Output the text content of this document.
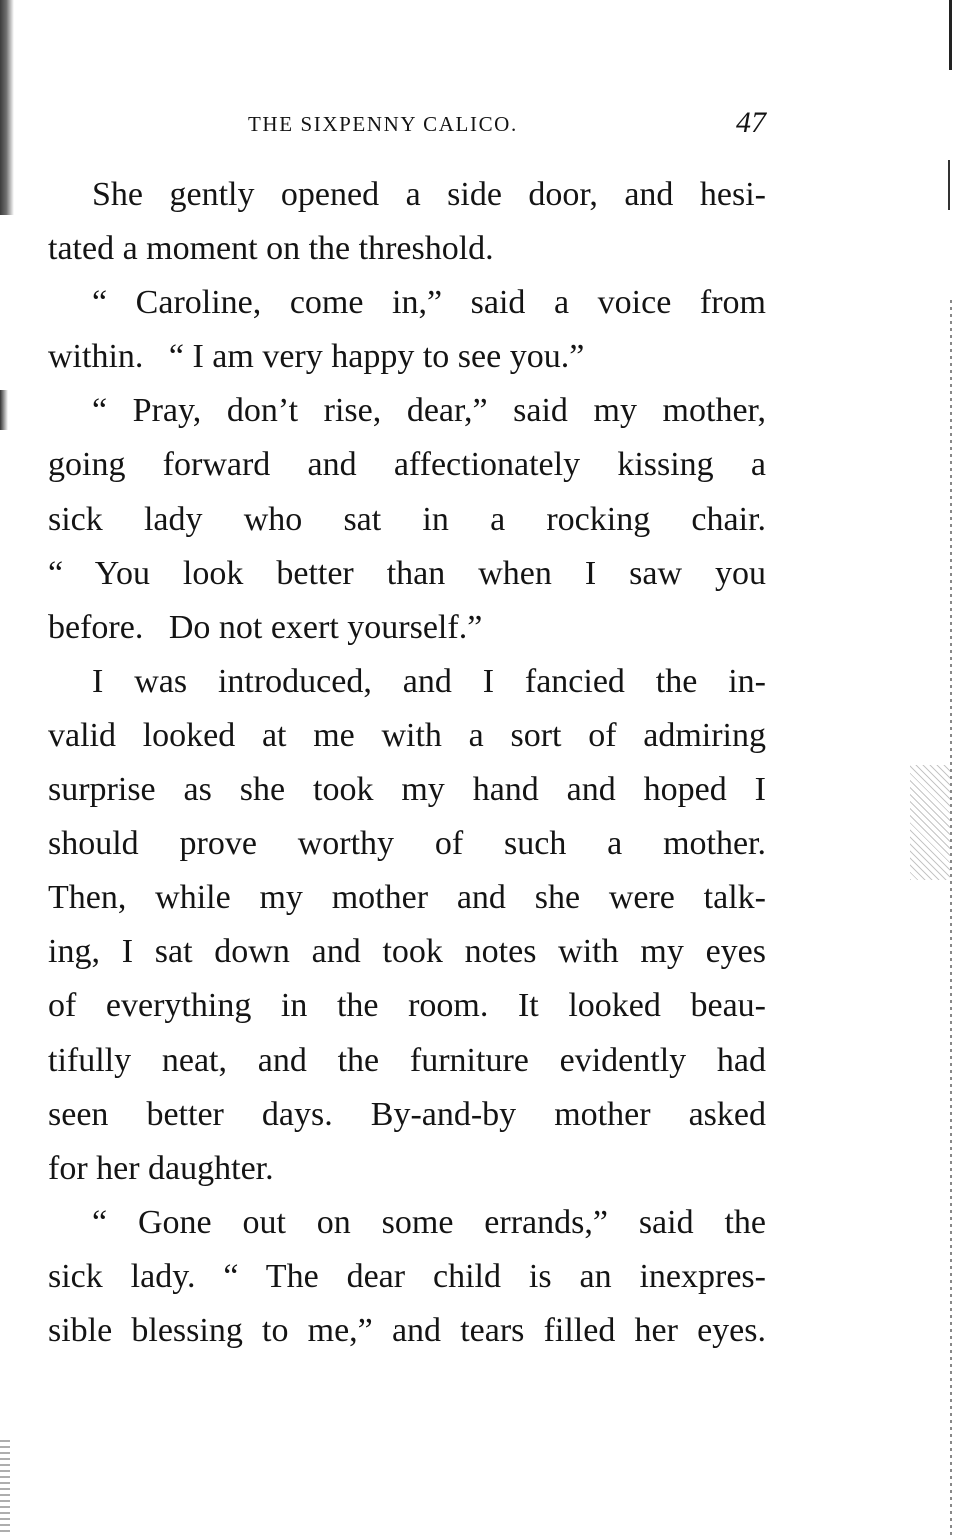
THE SIXPENNY CALICO.	47

She gently opened a side door, and hesi-
tated a moment on the threshold.

“ Caroline, come in,” said a voice from
within.   “ I am very happy to see you.”

“ Pray, don’t rise, dear,” said my mother,
going forward and affectionately kissing a
sick lady who sat in a rocking chair.
“ You look better than when I saw you
before.   Do not exert yourself.”

I was introduced, and I fancied the in-
valid looked at me with a sort of admiring
surprise as she took my hand and hoped I
should prove worthy of such a mother.
Then, while my mother and she were talk-
ing, I sat down and took notes with my eyes
of everything in the room. It looked beau-
tifully neat, and the furniture evidently had
seen better days. By-and-by mother asked
for her daughter.

“ Gone out on some errands,” said the
sick lady. “ The dear child is an inexpres-
sible blessing to me,” and tears filled her eyes.
